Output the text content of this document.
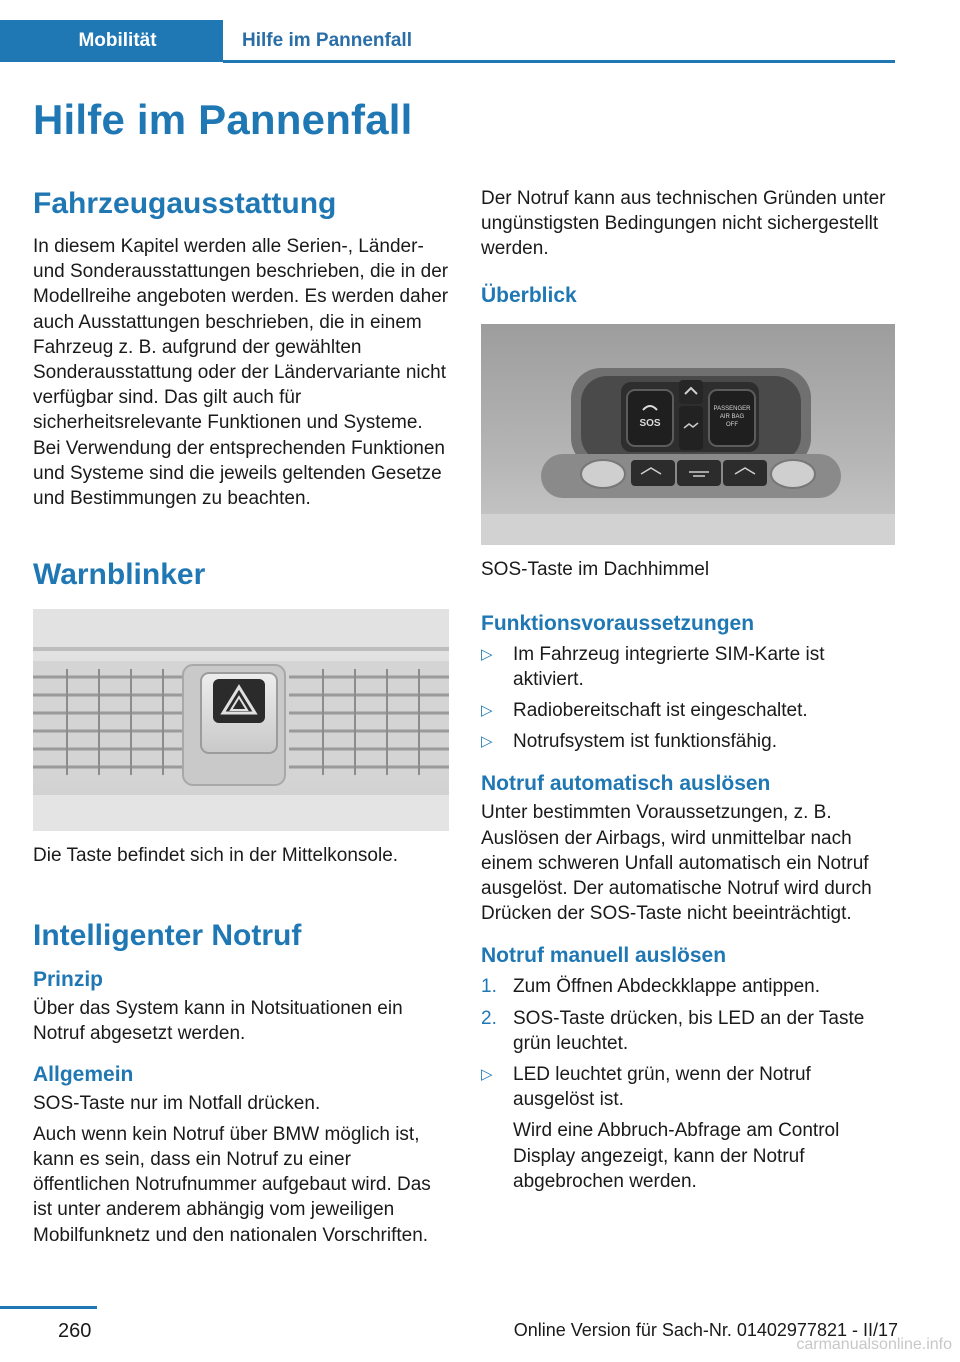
Mobilität	Hilfe im Pannenfall
Hilfe im Pannenfall
Fahrzeugausstattung

In diesem Kapitel werden alle Serien-, Länder- und Sonderausstattungen beschrieben, die in der Modellreihe angeboten werden. Es werden daher auch Ausstattungen beschrieben, die in einem Fahrzeug z. B. aufgrund der gewählten Sonderausstattung oder der Ländervariante nicht verfügbar sind. Das gilt auch für sicherheitsrelevante Funktionen und Systeme. Bei Verwendung der entsprechenden Funktionen und Systeme sind die jeweils geltenden Gesetze und Bestimmungen zu beachten.

Warnblinker

Die Taste befindet sich in der Mittelkonsole.

Intelligenter Notruf
Prinzip

Über das System kann in Notsituationen ein Notruf abgesetzt werden.

Allgemein

SOS-Taste nur im Notfall drücken.

Auch wenn kein Notruf über BMW möglich ist, kann es sein, dass ein Notruf zu einer öffentlichen Notrufnummer aufgebaut wird. Das ist unter anderem abhängig vom jeweiligen Mobilfunknetz und den nationalen Vorschriften.

Der Notruf kann aus technischen Gründen unter ungünstigsten Bedingungen nicht sichergestellt werden.

Überblick
SOS
PASSENGER
AIR BAG
OFF

SOS-Taste im Dachhimmel

Funktionsvoraussetzungen
▷	Im Fahrzeug integrierte SIM-Karte ist aktiviert.
▷	Radiobereitschaft ist eingeschaltet.
▷	Notrufsystem ist funktionsfähig.
Notruf automatisch auslösen

Unter bestimmten Voraussetzungen, z. B. Auslösen der Airbags, wird unmittelbar nach einem schweren Unfall automatisch ein Notruf ausgelöst. Der automatische Notruf wird durch Drücken der SOS-Taste nicht beeinträchtigt.

Notruf manuell auslösen
1. Zum Öffnen Abdeckklappe antippen.
2. SOS-Taste drücken, bis LED an der Taste grün leuchtet.
▷	LED leuchtet grün, wenn der Notruf ausgelöst ist.

Wird eine Abbruch-Abfrage am Control Display angezeigt, kann der Notruf abgebrochen werden.

260	Online Version für Sach-Nr. 01402977821 - II/17
carmanualsonline.info
